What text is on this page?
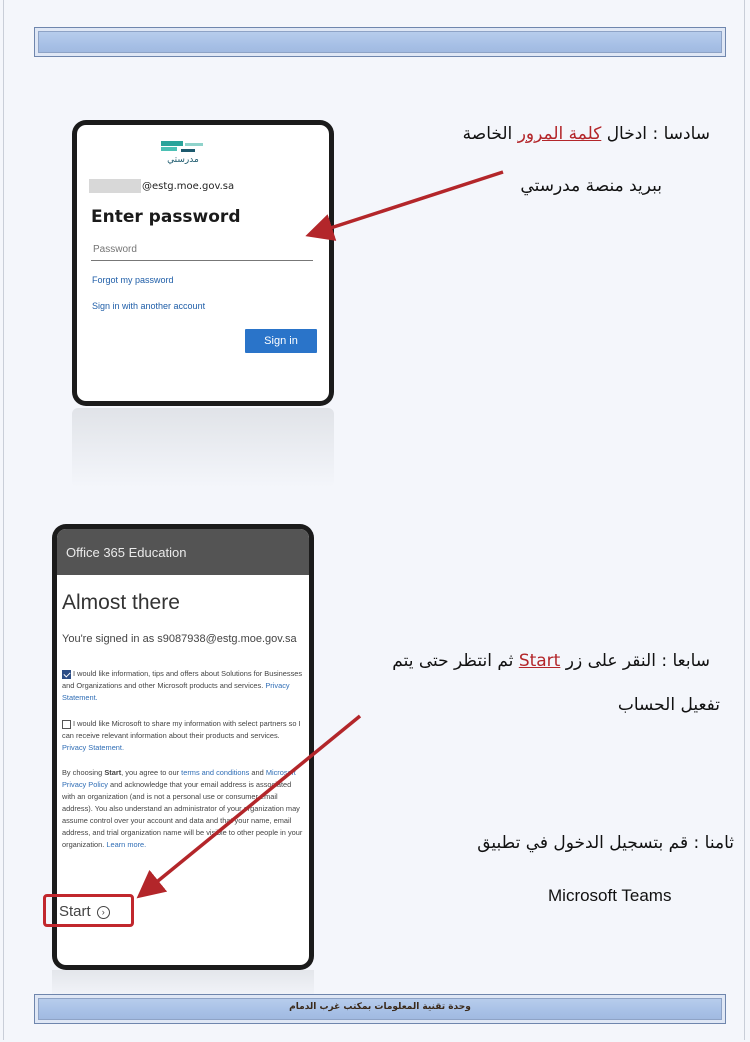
سادسا : ادخال كلمة المرور الخاصة
ببريد منصة مدرستي
مدرستي
@estg.moe.gov.sa
Enter password
Forgot my password
Sign in with another account
Sign in
Office 365 Education
Almost there
You're signed in as s9087938@estg.moe.gov.sa
I would like information, tips and offers about Solutions for Businesses and Organizations and other Microsoft products and services. Privacy Statement.
I would like Microsoft to share my information with select partners so I can receive relevant information about their products and services. Privacy Statement.
By choosing Start, you agree to our terms and conditions and Microsoft Privacy Policy and acknowledge that your email address is associated with an organization (and is not a personal use or consumer email address). You also understand an administrator of your organization may assume control over your account and data and that your name, email address, and trial organization name will be visible to other people in your organization. Learn more.
Start ›
سابعا : النقر على زر Start ثم انتظر حتى يتم
تفعيل الحساب
ثامنا : قم بتسجيل الدخول في تطبيق
Microsoft Teams
وحدة تقنية المعلومات بمكتب غرب الدمام
